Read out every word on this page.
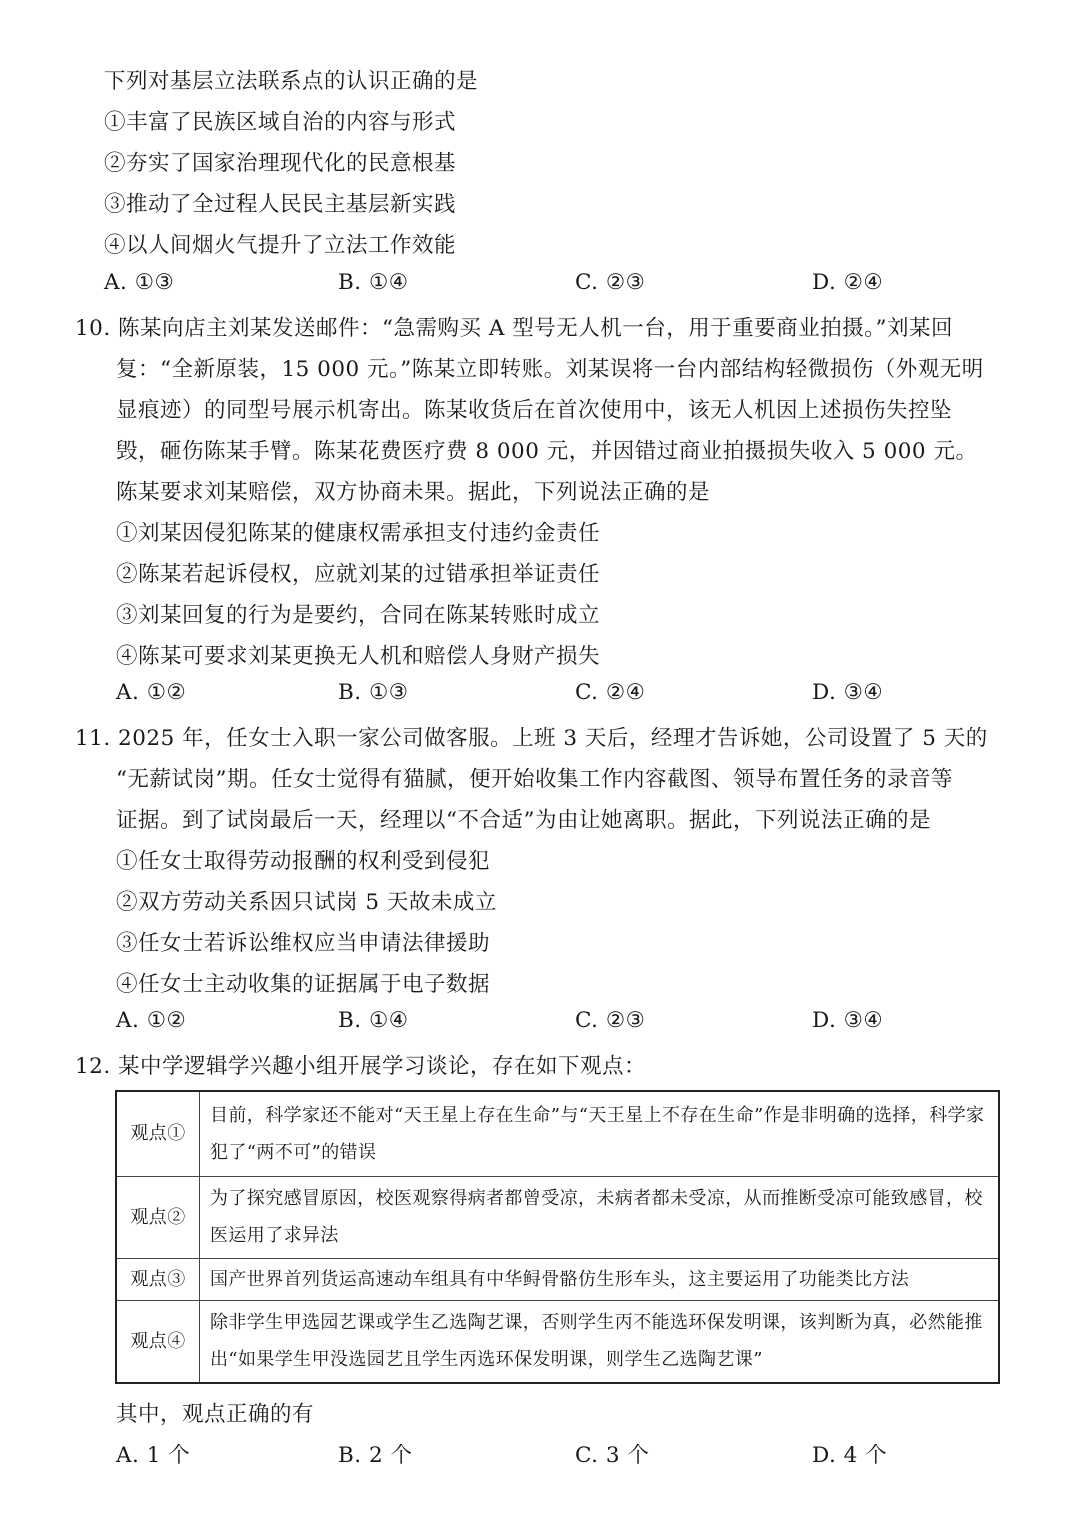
下列对基层立法联系点的认识正确的是
①丰富了民族区域自治的内容与形式
②夯实了国家治理现代化的民意根基
③推动了全过程人民民主基层新实践
④以人间烟火气提升了立法工作效能
A. ①③	B. ①④	C. ②③	D. ②④
10. 陈某向店主刘某发送邮件：“急需购买 A 型号无人机一台，用于重要商业拍摄。”刘某回
复：“全新原装，15 000 元。”陈某立即转账。刘某误将一台内部结构轻微损伤（外观无明
显痕迹）的同型号展示机寄出。陈某收货后在首次使用中，该无人机因上述损伤失控坠
毁，砸伤陈某手臂。陈某花费医疗费 8 000 元，并因错过商业拍摄损失收入 5 000 元。
陈某要求刘某赔偿，双方协商未果。据此，下列说法正确的是
①刘某因侵犯陈某的健康权需承担支付违约金责任
②陈某若起诉侵权，应就刘某的过错承担举证责任
③刘某回复的行为是要约，合同在陈某转账时成立
④陈某可要求刘某更换无人机和赔偿人身财产损失
A. ①②	B. ①③	C. ②④	D. ③④
11. 2025 年，任女士入职一家公司做客服。上班 3 天后，经理才告诉她，公司设置了 5 天的
“无薪试岗”期。任女士觉得有猫腻，便开始收集工作内容截图、领导布置任务的录音等
证据。到了试岗最后一天，经理以“不合适”为由让她离职。据此，下列说法正确的是
①任女士取得劳动报酬的权利受到侵犯
②双方劳动关系因只试岗 5 天故未成立
③任女士若诉讼维权应当申请法律援助
④任女士主动收集的证据属于电子数据
A. ①②	B. ①④	C. ②③	D. ③④
12. 某中学逻辑学兴趣小组开展学习谈论，存在如下观点：
观点①	目前，科学家还不能对“天王星上存在生命”与“天王星上不存在生命”作是非明确的选择，科学家犯了“两不可”的错误
观点②	为了探究感冒原因，校医观察得病者都曾受凉，未病者都未受凉，从而推断受凉可能致感冒，校医运用了求异法
观点③	国产世界首列货运高速动车组具有中华鲟骨骼仿生形车头，这主要运用了功能类比方法
观点④	除非学生甲选园艺课或学生乙选陶艺课，否则学生丙不能选环保发明课，该判断为真，必然能推出“如果学生甲没选园艺且学生丙选环保发明课，则学生乙选陶艺课”
其中，观点正确的有
A. 1 个	B. 2 个	C. 3 个	D. 4 个
